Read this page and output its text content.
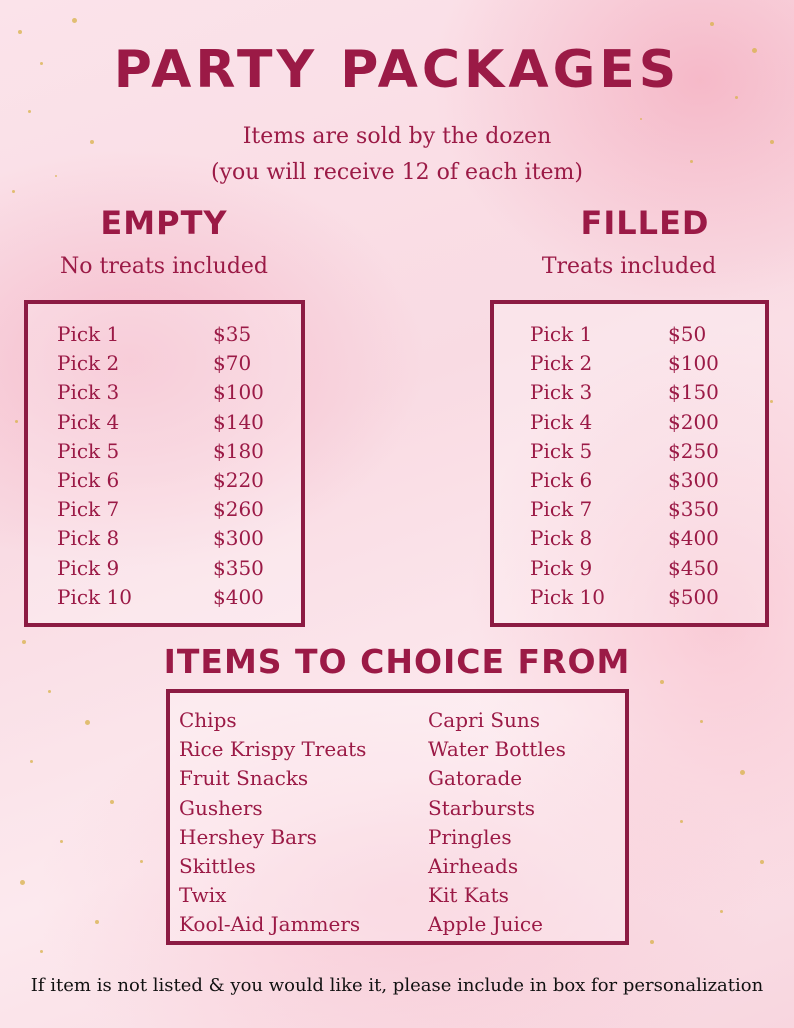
PARTY PACKAGES
Items are sold by the dozen
(you will receive 12 of each item)
EMPTY
No treats included
Pick 1	$35
Pick 2	$70
Pick 3	$100
Pick 4	$140
Pick 5	$180
Pick 6	$220
Pick 7	$260
Pick 8	$300
Pick 9	$350
Pick 10	$400
FILLED
Treats included
Pick 1	$50
Pick 2	$100
Pick 3	$150
Pick 4	$200
Pick 5	$250
Pick 6	$300
Pick 7	$350
Pick 8	$400
Pick 9	$450
Pick 10	$500
ITEMS TO CHOICE FROM
Chips
Rice Krispy Treats
Fruit Snacks
Gushers
Hershey Bars
Skittles
Twix
Kool-Aid Jammers
Capri Suns
Water Bottles
Gatorade
Starbursts
Pringles
Airheads
Kit Kats
Apple Juice
If item is not listed & you would like it, please include in box for personalization
